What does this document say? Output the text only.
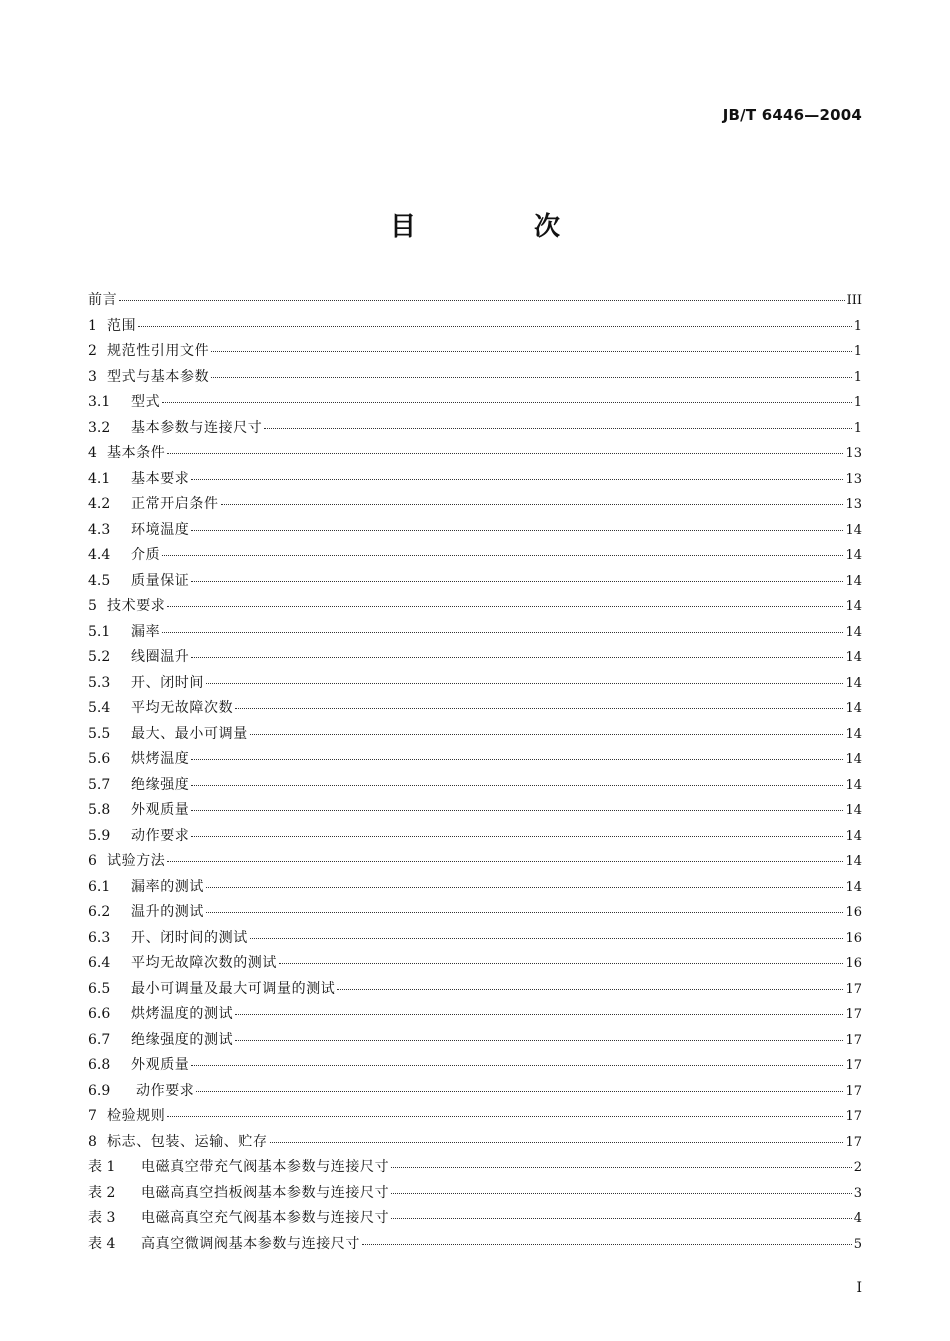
JB/T 6446—2004
目　次
前言	III
1 范围	1
2 规范性引用文件	1
3 型式与基本参数	1
3.1	型式	1
3.2	基本参数与连接尺寸	1
4 基本条件	13
4.1	基本要求	13
4.2	正常开启条件	13
4.3	环境温度	14
4.4	介质	14
4.5	质量保证	14
5 技术要求	14
5.1	漏率	14
5.2	线圈温升	14
5.3	开、闭时间	14
5.4	平均无故障次数	14
5.5	最大、最小可调量	14
5.6	烘烤温度	14
5.7	绝缘强度	14
5.8	外观质量	14
5.9	动作要求	14
6 试验方法	14
6.1	漏率的测试	14
6.2	温升的测试	16
6.3	开、闭时间的测试	16
6.4	平均无故障次数的测试	16
6.5	最小可调量及最大可调量的测试	17
6.6	烘烤温度的测试	17
6.7	绝缘强度的测试	17
6.8	外观质量	17
6.9	动作要求	17
7 检验规则	17
8 标志、包装、运输、贮存	17
表 1	电磁真空带充气阀基本参数与连接尺寸	2
表 2	电磁高真空挡板阀基本参数与连接尺寸	3
表 3	电磁高真空充气阀基本参数与连接尺寸	4
表 4	高真空微调阀基本参数与连接尺寸	5
I
